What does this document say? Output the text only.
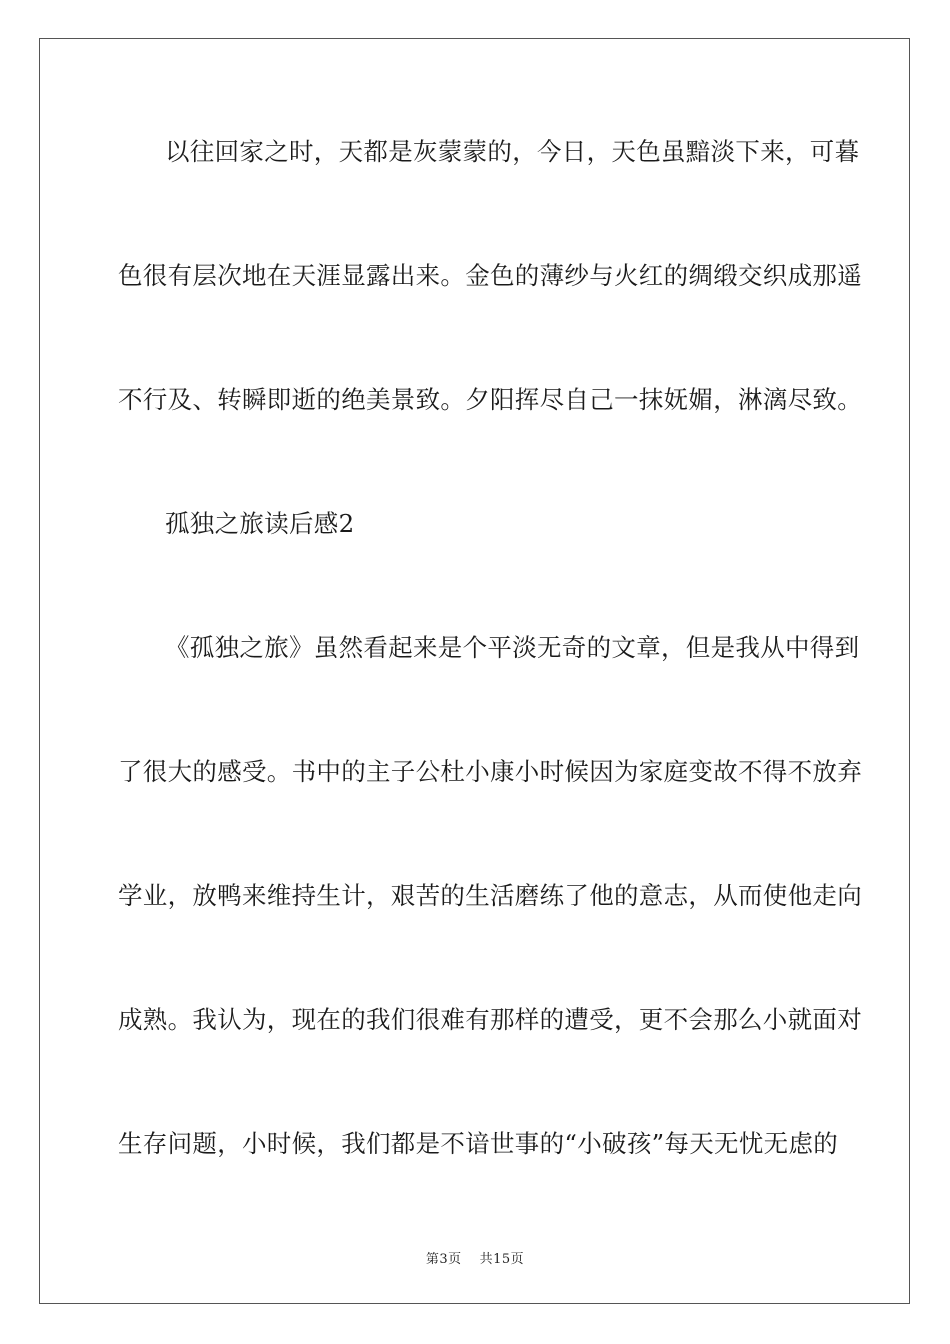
以往回家之时，天都是灰蒙蒙的，今日，天色虽黯淡下来，可暮
色很有层次地在天涯显露出来。金色的薄纱与火红的绸缎交织成那遥
不行及、转瞬即逝的绝美景致。夕阳挥尽自己一抹妩媚，淋漓尽致。
孤独之旅读后感2
《孤独之旅》虽然看起来是个平淡无奇的文章，但是我从中得到
了很大的感受。书中的主子公杜小康小时候因为家庭变故不得不放弃
学业，放鸭来维持生计，艰苦的生活磨练了他的意志，从而使他走向
成熟。我认为，现在的我们很难有那样的遭受，更不会那么小就面对
生存问题，小时候，我们都是不谙世事的“小破孩”每天无忧无虑的
第3页 共15页
